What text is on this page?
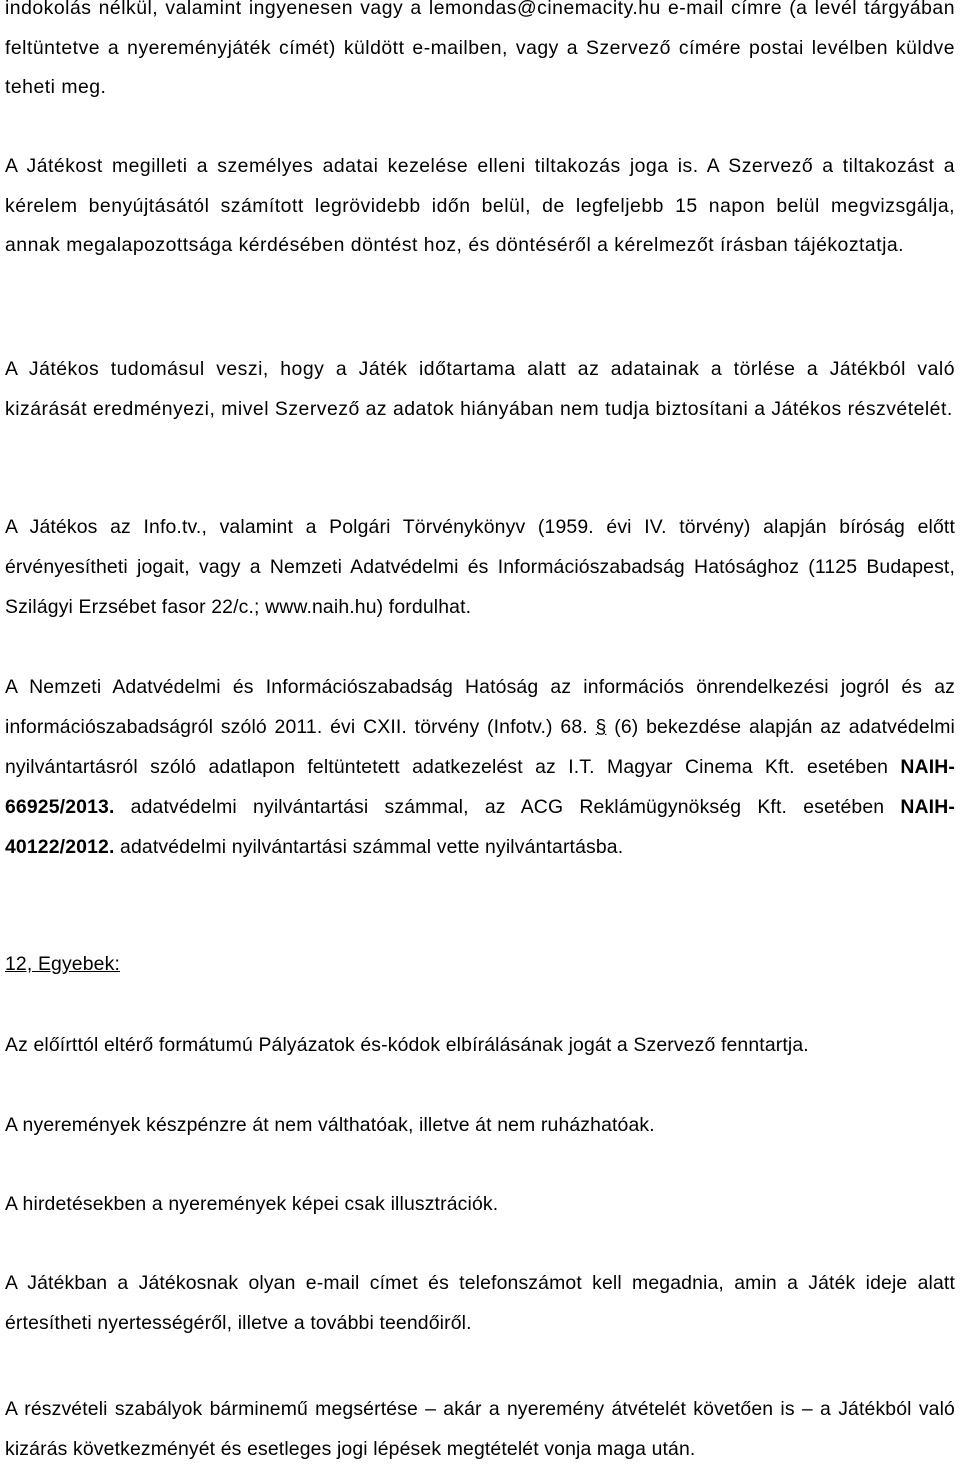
indokolás nélkül, valamint ingyenesen vagy a lemondas@cinemacity.hu e-mail címre (a levél tárgyában feltüntetve a nyereményjáték címét) küldött e-mailben, vagy a Szervező címére postai levélben küldve teheti meg.

A Játékost megilleti a személyes adatai kezelése elleni tiltakozás joga is. A Szervező a tiltakozást a kérelem benyújtásától számított legrövidebb időn belül, de legfeljebb 15 napon belül megvizsgálja, annak megalapozottsága kérdésében döntést hoz, és döntéséről a kérelmezőt írásban tájékoztatja.

A Játékos tudomásul veszi, hogy a Játék időtartama alatt az adatainak a törlése a Játékból való kizárását eredményezi, mivel Szervező az adatok hiányában nem tudja biztosítani a Játékos részvételét.

A Játékos az Info.tv., valamint a Polgári Törvénykönyv (1959. évi IV. törvény) alapján bíróság előtt érvényesítheti jogait, vagy a Nemzeti Adatvédelmi és Információszabadság Hatósághoz (1125 Budapest, Szilágyi Erzsébet fasor 22/c.; www.naih.hu) fordulhat.

A Nemzeti Adatvédelmi és Információszabadság Hatóság az információs önrendelkezési jogról és az információszabadságról szóló 2011. évi CXII. törvény (Infotv.) 68. § (6) bekezdése alapján az adatvédelmi nyilvántartásról szóló adatlapon feltüntetett adatkezelést az I.T. Magyar Cinema Kft. esetében NAIH-66925/2013. adatvédelmi nyilvántartási számmal, az ACG Reklámügynökség Kft. esetében NAIH-40122/2012. adatvédelmi nyilvántartási számmal vette nyilvántartásba.

12, Egyebek:

Az előírttól eltérő formátumú Pályázatok és-kódok elbírálásának jogát a Szervező fenntartja.

A nyeremények készpénzre át nem válthatóak, illetve át nem ruházhatóak.

A hirdetésekben a nyeremények képei csak illusztrációk.

A Játékban a Játékosnak olyan e-mail címet és telefonszámot kell megadnia, amin a Játék ideje alatt értesítheti nyertességéről, illetve a további teendőiről.

A részvételi szabályok bárminemű megsértése – akár a nyeremény átvételét követően is – a Játékból való kizárás következményét és esetleges jogi lépések megtételét vonja maga után.
